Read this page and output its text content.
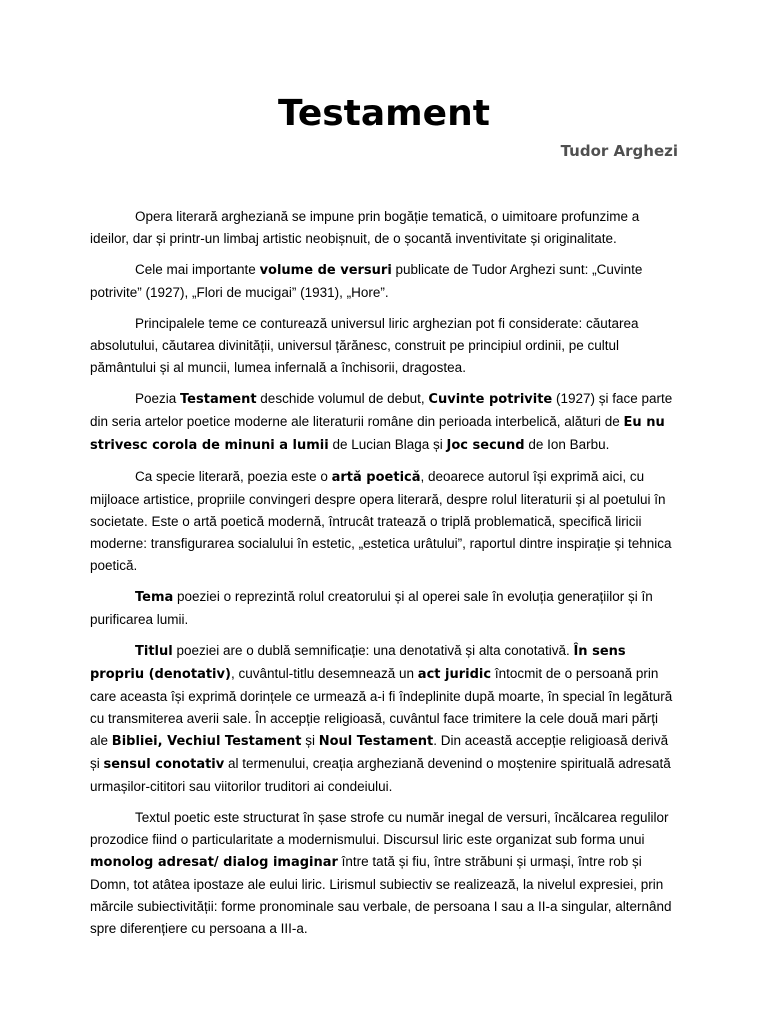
Testament
Tudor Arghezi

Opera literară argheziană se impune prin bogăție tematică, o uimitoare profunzime a ideilor, dar și printr-un limbaj artistic neobișnuit, de o șocantă inventivitate și originalitate.

Cele mai importante volume de versuri publicate de Tudor Arghezi sunt: „Cuvinte potrivite” (1927), „Flori de mucigai” (1931), „Hore”.

Principalele teme ce conturează universul liric arghezian pot fi considerate: căutarea absolutului, căutarea divinității, universul țărănesc, construit pe principiul ordinii, pe cultul pământului și al muncii, lumea infernală a închisorii, dragostea.

Poezia Testament deschide volumul de debut, Cuvinte potrivite (1927) și face parte din seria artelor poetice moderne ale literaturii române din perioada interbelică, alături de Eu nu strivesc corola de minuni a lumii de Lucian Blaga și Joc secund de Ion Barbu.

Ca specie literară, poezia este o artă poetică, deoarece autorul își exprimă aici, cu mijloace artistice, propriile convingeri despre opera literară, despre rolul literaturii și al poetului în societate. Este o artă poetică modernă, întrucât tratează o triplă problematică, specifică liricii moderne: transfigurarea socialului în estetic, „estetica urâtului”, raportul dintre inspirație și tehnica poetică.

Tema poeziei o reprezintă rolul creatorului și al operei sale în evoluția generațiilor și în purificarea lumii.

Titlul poeziei are o dublă semnificație: una denotativă și alta conotativă. În sens propriu (denotativ), cuvântul-titlu desemnează un act juridic întocmit de o persoană prin care aceasta își exprimă dorințele ce urmează a-i fi îndeplinite după moarte, în special în legătură cu transmiterea averii sale. În accepție religioasă, cuvântul face trimitere la cele două mari părți ale Bibliei, Vechiul Testament și Noul Testament. Din această accepție religioasă derivă și sensul conotativ al termenului, creația argheziană devenind o moștenire spirituală adresată urmașilor-cititori sau viitorilor truditori ai condeiului.

Textul poetic este structurat în șase strofe cu număr inegal de versuri, încălcarea regulilor prozodice fiind o particularitate a modernismului. Discursul liric este organizat sub forma unui monolog adresat/ dialog imaginar între tată și fiu, între străbuni și urmași, între rob și Domn, tot atâtea ipostaze ale eului liric. Lirismul subiectiv se realizează, la nivelul expresiei, prin mărcile subiectivității: forme pronominale sau verbale, de persoana I sau a II-a singular, alternând spre diferențiere cu persoana a III-a.
